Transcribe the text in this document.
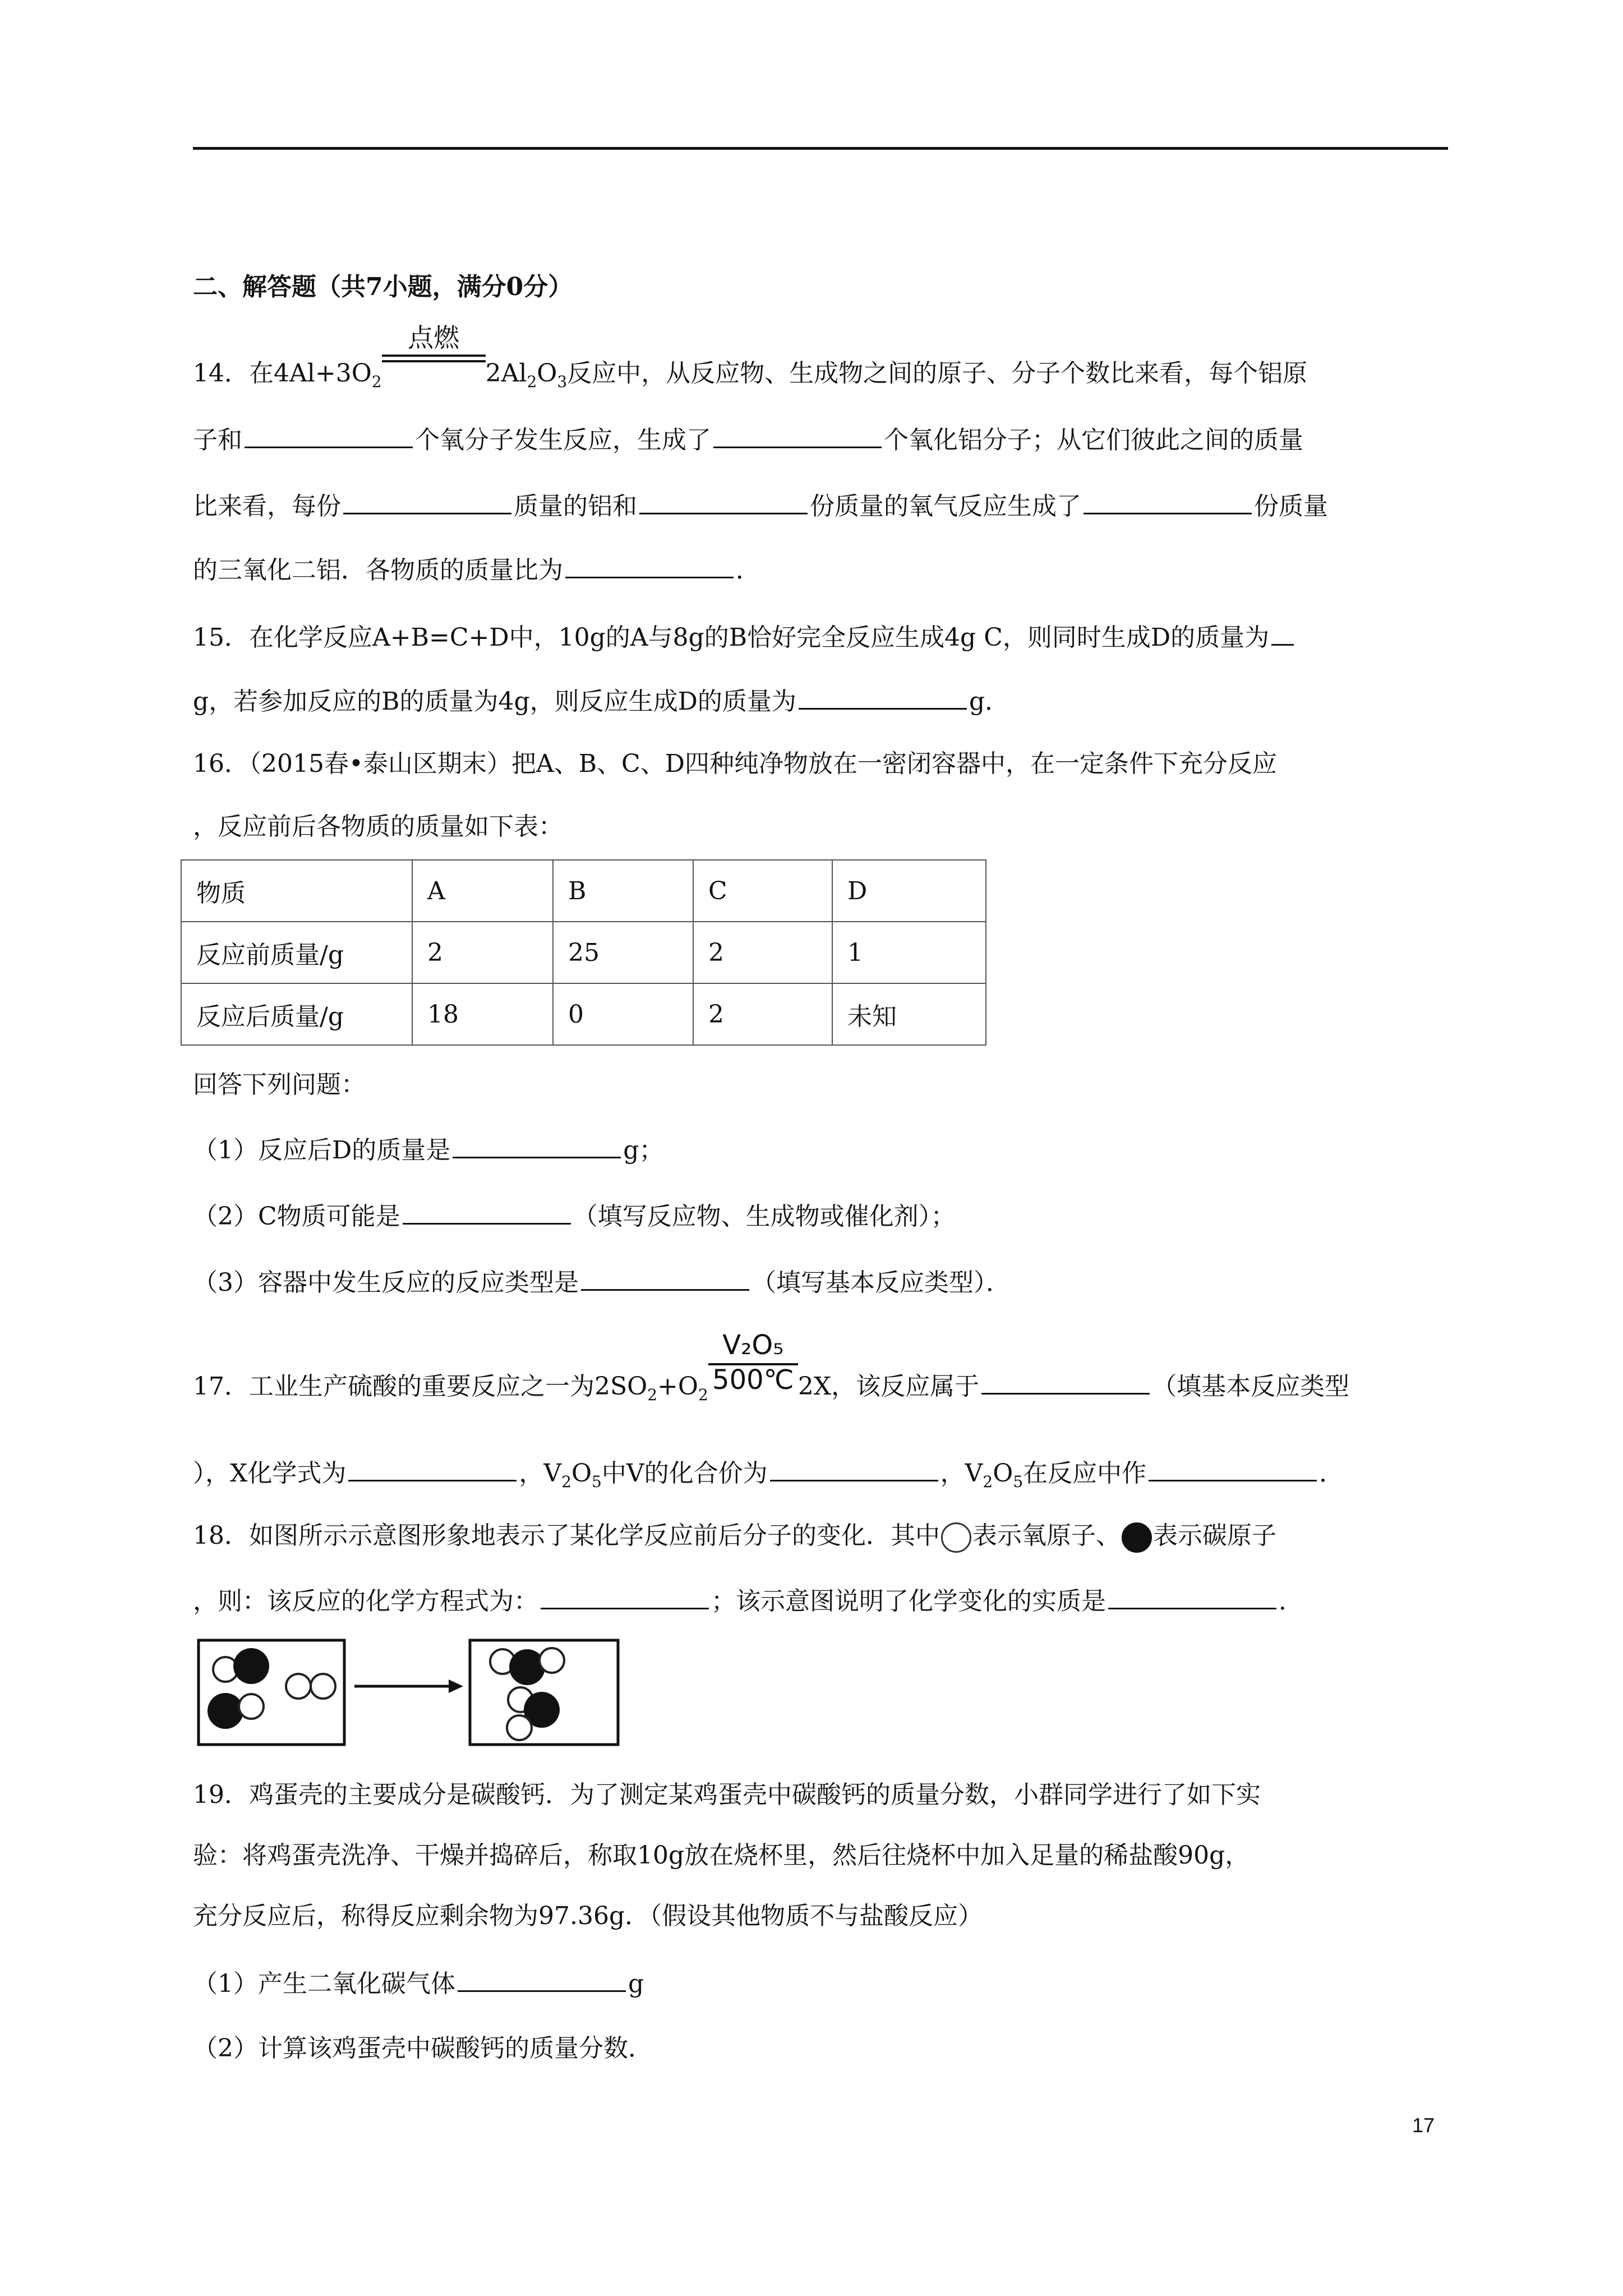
二、解答题（共7小题，满分0分）
14．在$4Al+3O_2$
点燃
$2Al_2O_3$反应中，从反应物、生成物之间的原子、分子个数比来看，每个铝原
子和	个氧分子发生反应，生成了	个氧化铝分子；从它们彼此之间的质量
比来看，每份	质量的铝和	份质量的氧气反应生成了	份质量
的三氧化二铝．各物质的质量比为	．
15．在化学反应A+B=C+D中，10g的A与8g的B恰好完全反应生成4g C，则同时生成D的质量为
g，若参加反应的B的质量为4g，则反应生成D的质量为	g．
16．（2015春•泰山区期末）把A、B、C、D四种纯净物放在一密闭容器中，在一定条件下充分反应
，反应前后各物质的质量如下表：
物质	A	B	C	D
反应前质量/g	2	25	2	1
反应后质量/g	18	0	2	未知
回答下列问题：
（1）反应后D的质量是	g；
（2）C物质可能是	（填写反应物、生成物或催化剂）；
（3）容器中发生反应的反应类型是	（填写基本反应类型）．
17．工业生产硫酸的重要反应之一为$2SO_2+O_2$
$\frac{\text{V₂O₅}}{500℃} 2X$，该反应属于	（填基本反应类型
），X化学式为	，$V_2O_5$中V的化合价为	，$V_2O_5$在反应中作	．
18．如图所示示意图形象地表示了某化学反应前后分子的变化．其中 表示氧原子、 表示碳原子
，则：该反应的化学方程式为：	；该示意图说明了化学变化的实质是	．
19．鸡蛋壳的主要成分是碳酸钙．为了测定某鸡蛋壳中碳酸钙的质量分数，小群同学进行了如下实
验：将鸡蛋壳洗净、干燥并捣碎后，称取10g放在烧杯里，然后往烧杯中加入足量的稀盐酸90g，
充分反应后，称得反应剩余物为97.36g．（假设其他物质不与盐酸反应）
（1）产生二氧化碳气体	g
（2）计算该鸡蛋壳中碳酸钙的质量分数．
17
